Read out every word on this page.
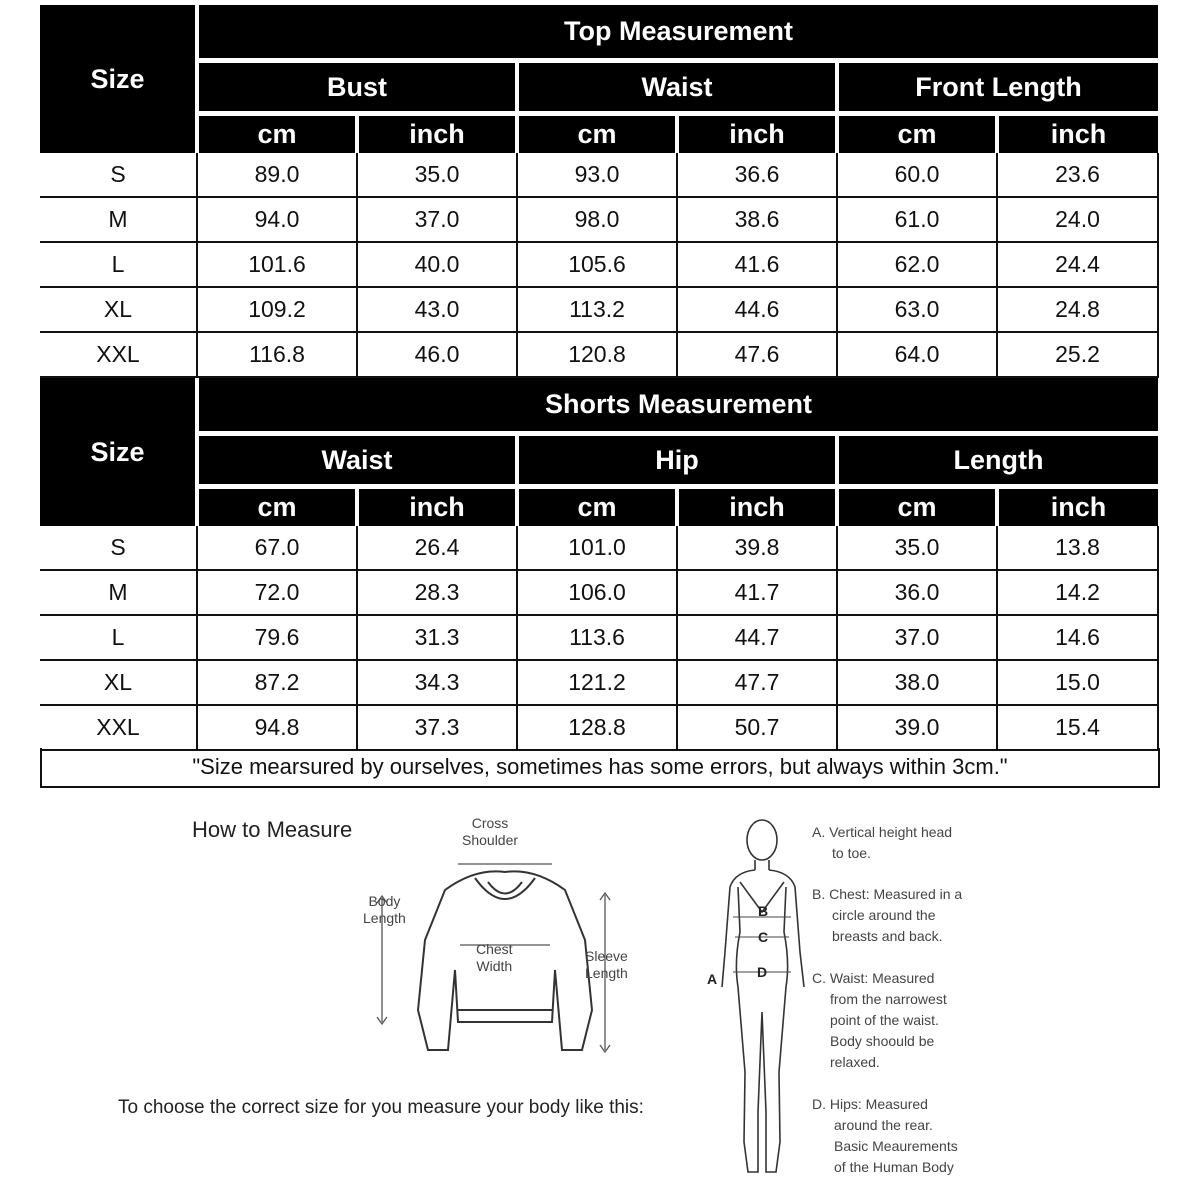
Size	Top Measurement					
	Bust		Waist		Front Length	
	cm	inch	cm	inch	cm	inch
S	89.0	35.0	93.0	36.6	60.0	23.6
M	94.0	37.0	98.0	38.6	61.0	24.0
L	101.6	40.0	105.6	41.6	62.0	24.4
XL	109.2	43.0	113.2	44.6	63.0	24.8
XXL	116.8	46.0	120.8	47.6	64.0	25.2
Size	Shorts Measurement					
	Waist		Hip		Length	
	cm	inch	cm	inch	cm	inch
S	67.0	26.4	101.0	39.8	35.0	13.8
M	72.0	28.3	106.0	41.7	36.0	14.2
L	79.6	31.3	113.6	44.7	37.0	14.6
XL	87.2	34.3	121.2	47.7	38.0	15.0
XXL	94.8	37.3	128.8	50.7	39.0	15.4
"Size mearsured by ourselves, sometimes has some errors, but always within 3cm."
How to Measure	Cross
Shoulder
Body
Length
Chest
Width
Sleeve
Length
To choose the correct size for you measure your body like this:
B
C
D
A
A. Vertical height head
to toe.
B. Chest: Measured in a
circle around the
breasts and back.
C. Waist: Measured
from the narrowest
point of the waist.
Body shoould be
relaxed.
D. Hips: Measured
around the rear.
Basic Meaurements
of the Human Body
